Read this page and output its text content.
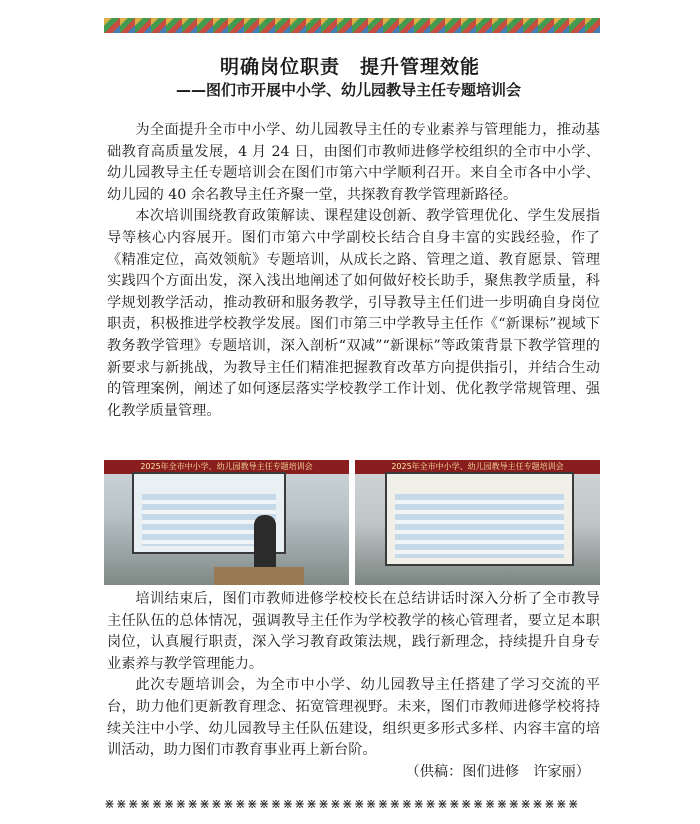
明确岗位职责　提升管理效能
——图们市开展中小学、幼儿园教导主任专题培训会

为全面提升全市中小学、幼儿园教导主任的专业素养与管理能力，推动基础教育高质量发展，4 月 24 日，由图们市教师进修学校组织的全市中小学、幼儿园教导主任专题培训会在图们市第六中学顺利召开。来自全市各中小学、幼儿园的 40 余名教导主任齐聚一堂，共探教育教学管理新路径。

本次培训围绕教育政策解读、课程建设创新、教学管理优化、学生发展指导等核心内容展开。图们市第六中学副校长结合自身丰富的实践经验，作了《精准定位，高效领航》专题培训，从成长之路、管理之道、教育愿景、管理实践四个方面出发，深入浅出地阐述了如何做好校长助手，聚焦教学质量，科学规划教学活动，推动教研和服务教学，引导教导主任们进一步明确自身岗位职责，积极推进学校教学发展。图们市第三中学教导主任作《“新课标”视域下教务教学管理》专题培训，深入剖析“双减”“新课标”等政策背景下教学管理的新要求与新挑战，为教导主任们精准把握教育改革方向提供指引，并结合生动的管理案例，阐述了如何逐层落实学校教学工作计划、优化教学常规管理、强化教学质量管理。

2025年全市中小学、幼儿园教导主任专题培训会	2025年全市中小学、幼儿园教导主任专题培训会

培训结束后，图们市教师进修学校校长在总结讲话时深入分析了全市教导主任队伍的总体情况，强调教导主任作为学校教学的核心管理者，要立足本职岗位，认真履行职责，深入学习教育政策法规，践行新理念，持续提升自身专业素养与教学管理能力。

此次专题培训会，为全市中小学、幼儿园教导主任搭建了学习交流的平台，助力他们更新教育理念、拓宽管理视野。未来，图们市教师进修学校将持续关注中小学、幼儿园教导主任队伍建设，组织更多形式多样、内容丰富的培训活动，助力图们市教育事业再上新台阶。

（供稿：图们进修　许家丽）
⋇⋇⋇⋇⋇⋇⋇⋇⋇⋇⋇⋇⋇⋇⋇⋇⋇⋇⋇⋇⋇⋇⋇⋇⋇⋇⋇⋇⋇⋇⋇⋇⋇⋇⋇⋇⋇⋇⋇⋇
